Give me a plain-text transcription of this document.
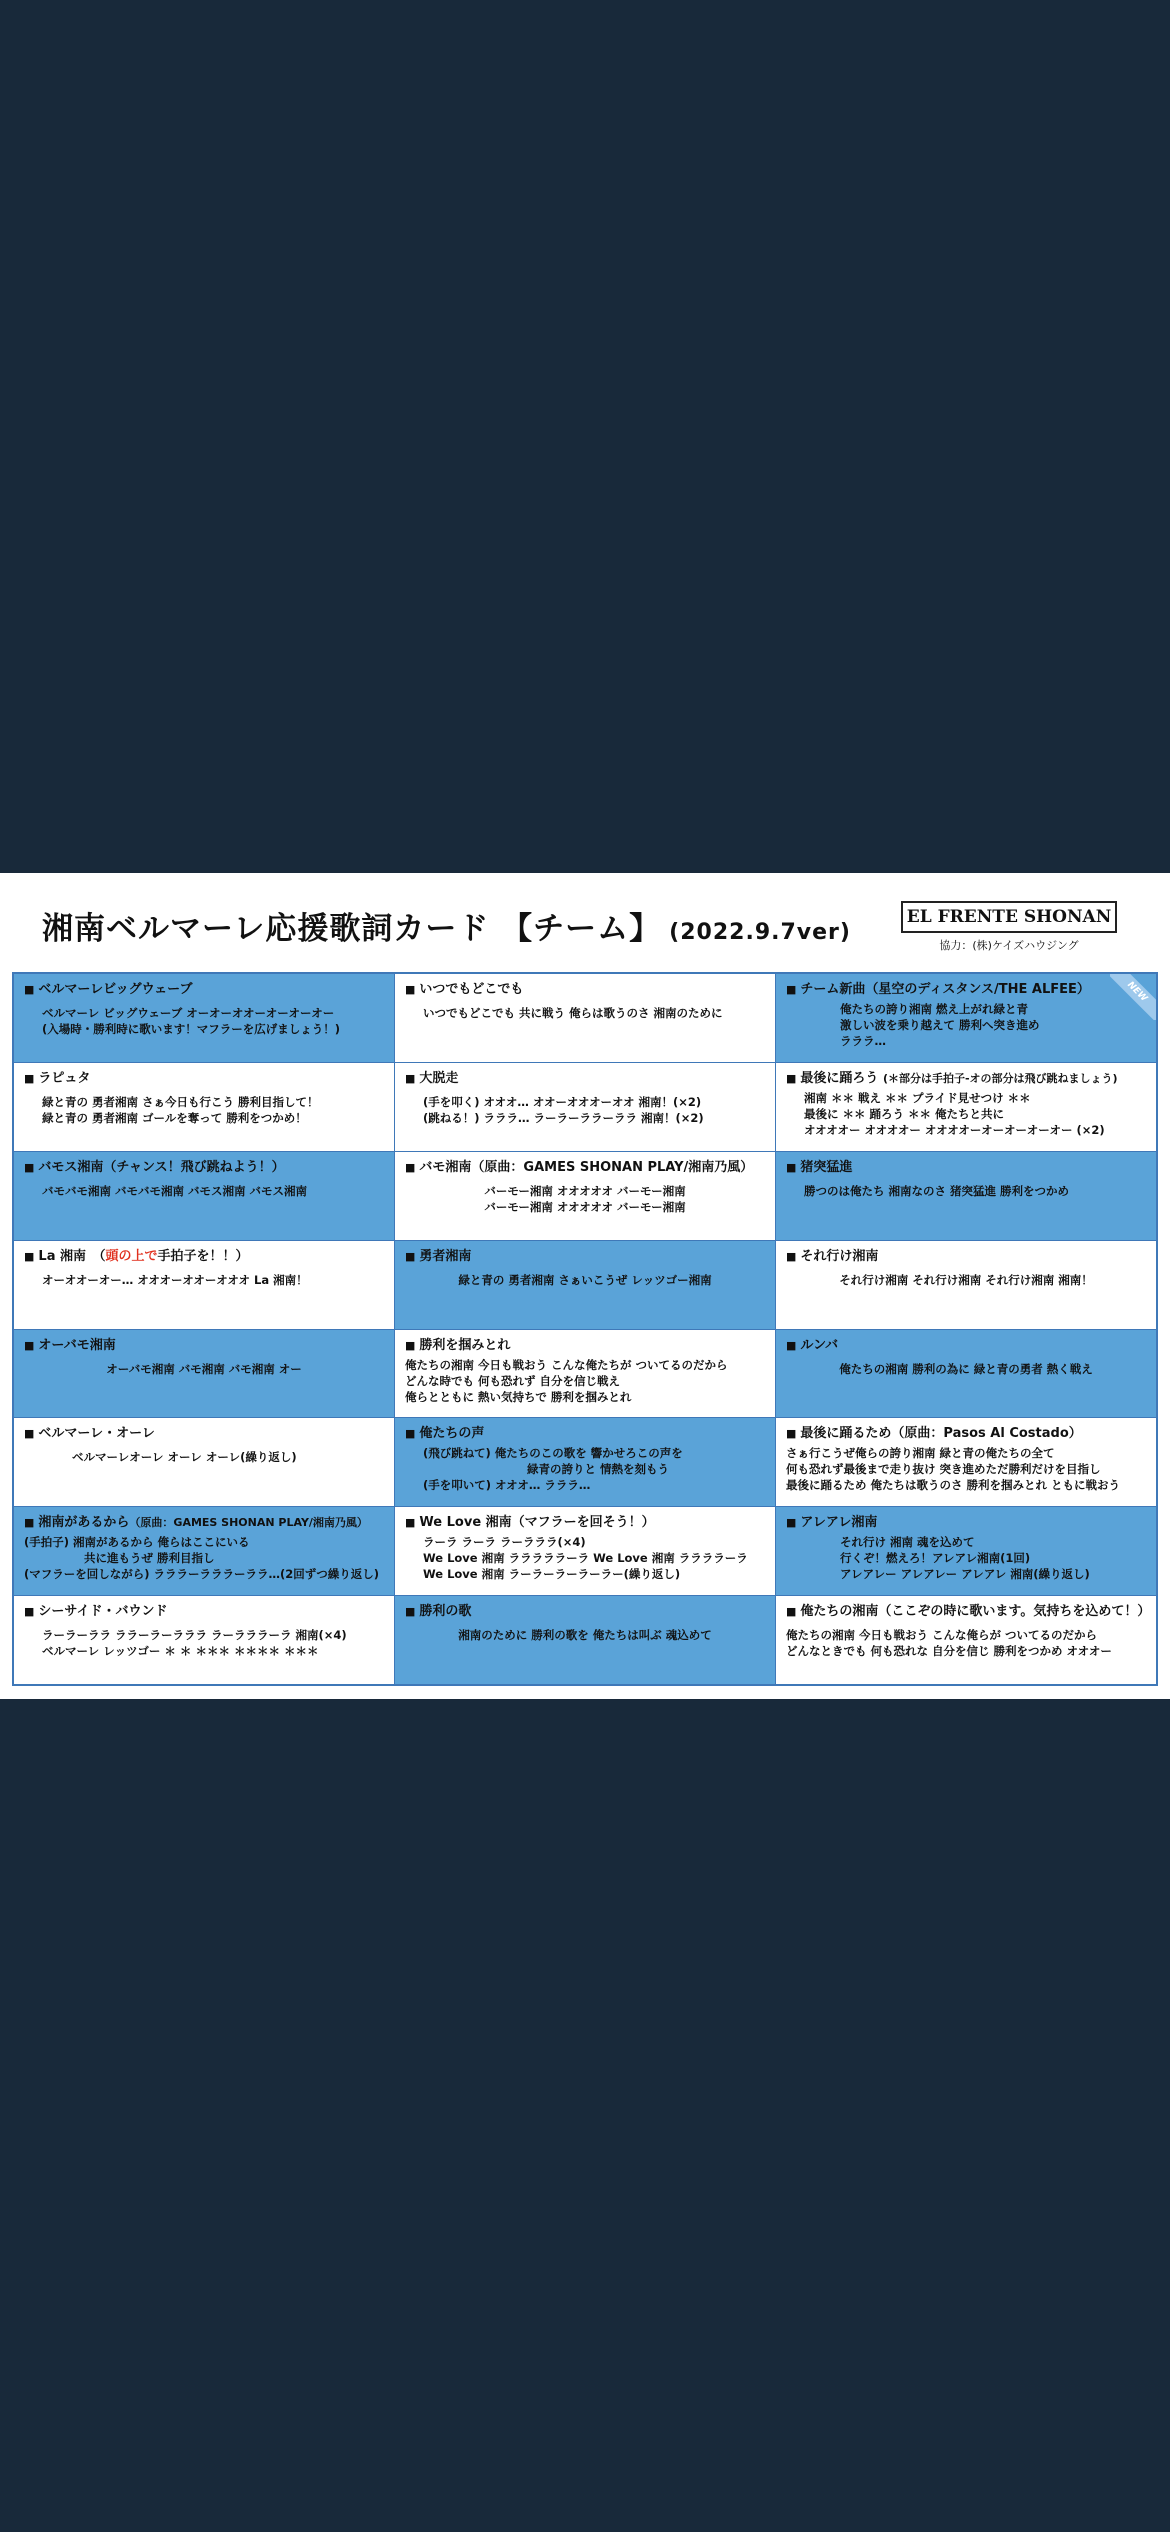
湘南ベルマーレ応援歌詞カード 【チーム】 (2022.9.7ver)
EL FRENTE SHONAN
協力：(株)ケイズハウジング
■ ベルマーレビッグウェーブ
ベルマーレ ビッグウェーブ オーオーオオーオーオーオー
(入場時・勝利時に歌います！マフラーを広げましょう！)
■ いつでもどこでも
いつでもどこでも 共に戦う 俺らは歌うのさ 湘南のために
■ チーム新曲（星空のディスタンス/THE ALFEE）	NEW
俺たちの誇り湘南 燃え上がれ緑と青
激しい波を乗り越えて 勝利へ突き進め
ラララ…
■ ラピュタ
緑と青の 勇者湘南 さぁ今日も行こう 勝利目指して！
緑と青の 勇者湘南 ゴールを奪って 勝利をつかめ！
■ 大脱走
(手を叩く) オオオ… オオーオオオーオオ 湘南！(×2)
(跳ねる！) ラララ… ラーラーララーララ 湘南！(×2)
■ 最後に踊ろう (＊部分は手拍子-オの部分は飛び跳ねましょう)
湘南 ＊＊ 戦え ＊＊ プライド見せつけ ＊＊
最後に ＊＊ 踊ろう ＊＊ 俺たちと共に
オオオオー オオオオー オオオオーオーオーオーオー (×2)
■ バモス湘南（チャンス！飛び跳ねよう！）
バモバモ湘南 バモバモ湘南 バモス湘南 バモス湘南
■ バモ湘南（原曲：GAMES SHONAN PLAY/湘南乃風）
バーモー湘南 オオオオオ バーモー湘南
バーモー湘南 オオオオオ バーモー湘南
■ 猪突猛進
勝つのは俺たち 湘南なのさ 猪突猛進 勝利をつかめ
■ La 湘南　 （頭の上で手拍子を！！）
オーオオーオー… オオオーオオーオオオ La 湘南！
■ 勇者湘南
緑と青の 勇者湘南 さぁいこうぜ レッツゴー湘南
■ それ行け湘南
それ行け湘南 それ行け湘南 それ行け湘南 湘南！
■ オーバモ湘南
オーバモ湘南 バモ湘南 バモ湘南 オー
■ 勝利を掴みとれ
俺たちの湘南 今日も戦おう こんな俺たちが ついてるのだから
どんな時でも 何も恐れず 自分を信じ戦え
俺らとともに 熱い気持ちで 勝利を掴みとれ
■ ルンバ
俺たちの湘南 勝利の為に 緑と青の勇者 熱く戦え
■ ベルマーレ・オーレ
ベルマーレオーレ オーレ オーレ(繰り返し)
■ 俺たちの声
(飛び跳ねて) 俺たちのこの歌を 響かせろこの声を
緑青の誇りと 情熱を刻もう
(手を叩いて) オオオ… ラララ…
■ 最後に踊るため（原曲：Pasos Al Costado）
さぁ行こうぜ俺らの誇り湘南 緑と青の俺たちの全て
何も恐れず最後まで走り抜け 突き進めただ勝利だけを目指し
最後に踊るため 俺たちは歌うのさ 勝利を掴みとれ ともに戦おう
■ 湘南があるから（原曲：GAMES SHONAN PLAY/湘南乃風）
(手拍子) 湘南があるから 俺らはここにいる
共に進もうぜ 勝利目指し
(マフラーを回しながら) ラララーラララーララ…(2回ずつ繰り返し)
■ We Love 湘南（マフラーを回そう！）
ラーラ ラーラ ラーラララ(×4)
We Love 湘南 ラララララーラ We Love 湘南 ララララーラ
We Love 湘南 ラーラーラーラーラー(繰り返し)
■ アレアレ湘南
それ行け 湘南 魂を込めて
行くぞ！燃えろ！アレアレ湘南(1回)
アレアレー アレアレー アレアレ 湘南(繰り返し)
■ シーサイド・バウンド
ラーラーララ ララーラーラララ ラーラララーラ 湘南(×4)
ベルマーレ レッツゴー ＊ ＊ ＊＊＊ ＊＊＊＊ ＊＊＊
■ 勝利の歌
湘南のために 勝利の歌を 俺たちは叫ぶ 魂込めて
■ 俺たちの湘南（ここぞの時に歌います。気持ちを込めて！）
俺たちの湘南 今日も戦おう こんな俺らが ついてるのだから
どんなときでも 何も恐れな 自分を信じ 勝利をつかめ オオオー
